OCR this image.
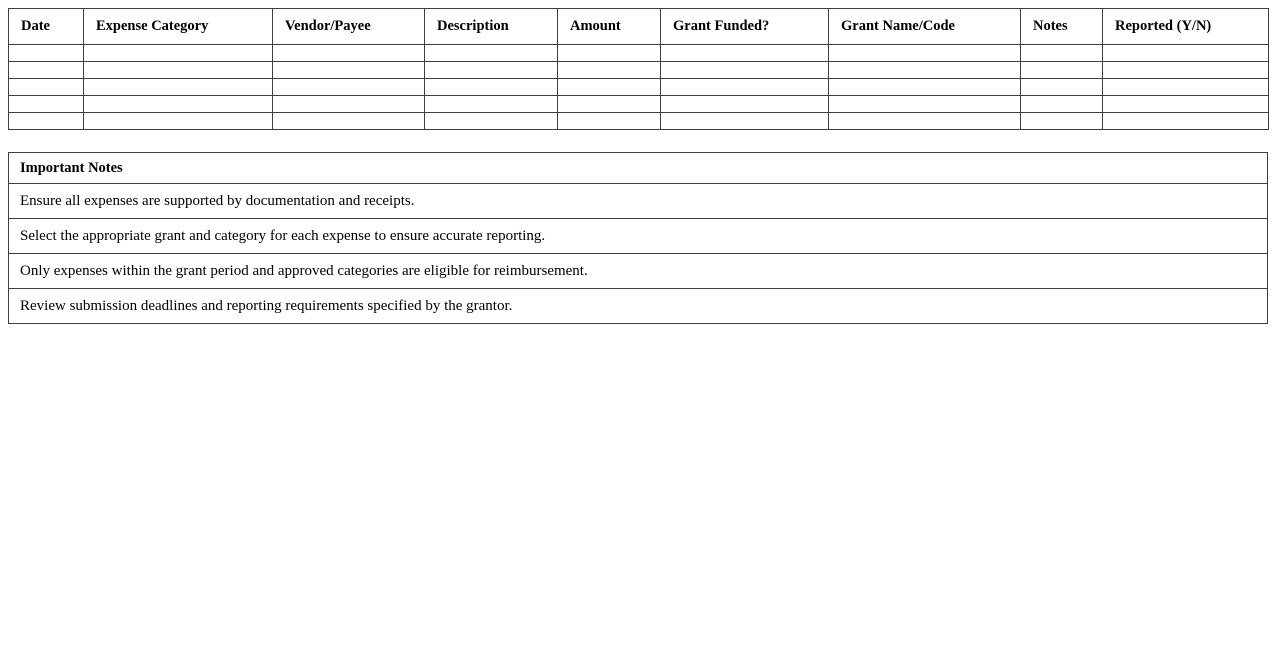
Date	Expense Category	Vendor/Payee	Description	Amount	Grant Funded?	Grant Name/Code	Notes	Reported (Y/N)

Important Notes
Ensure all expenses are supported by documentation and receipts.
Select the appropriate grant and category for each expense to ensure accurate reporting.
Only expenses within the grant period and approved categories are eligible for reimbursement.
Review submission deadlines and reporting requirements specified by the grantor.
